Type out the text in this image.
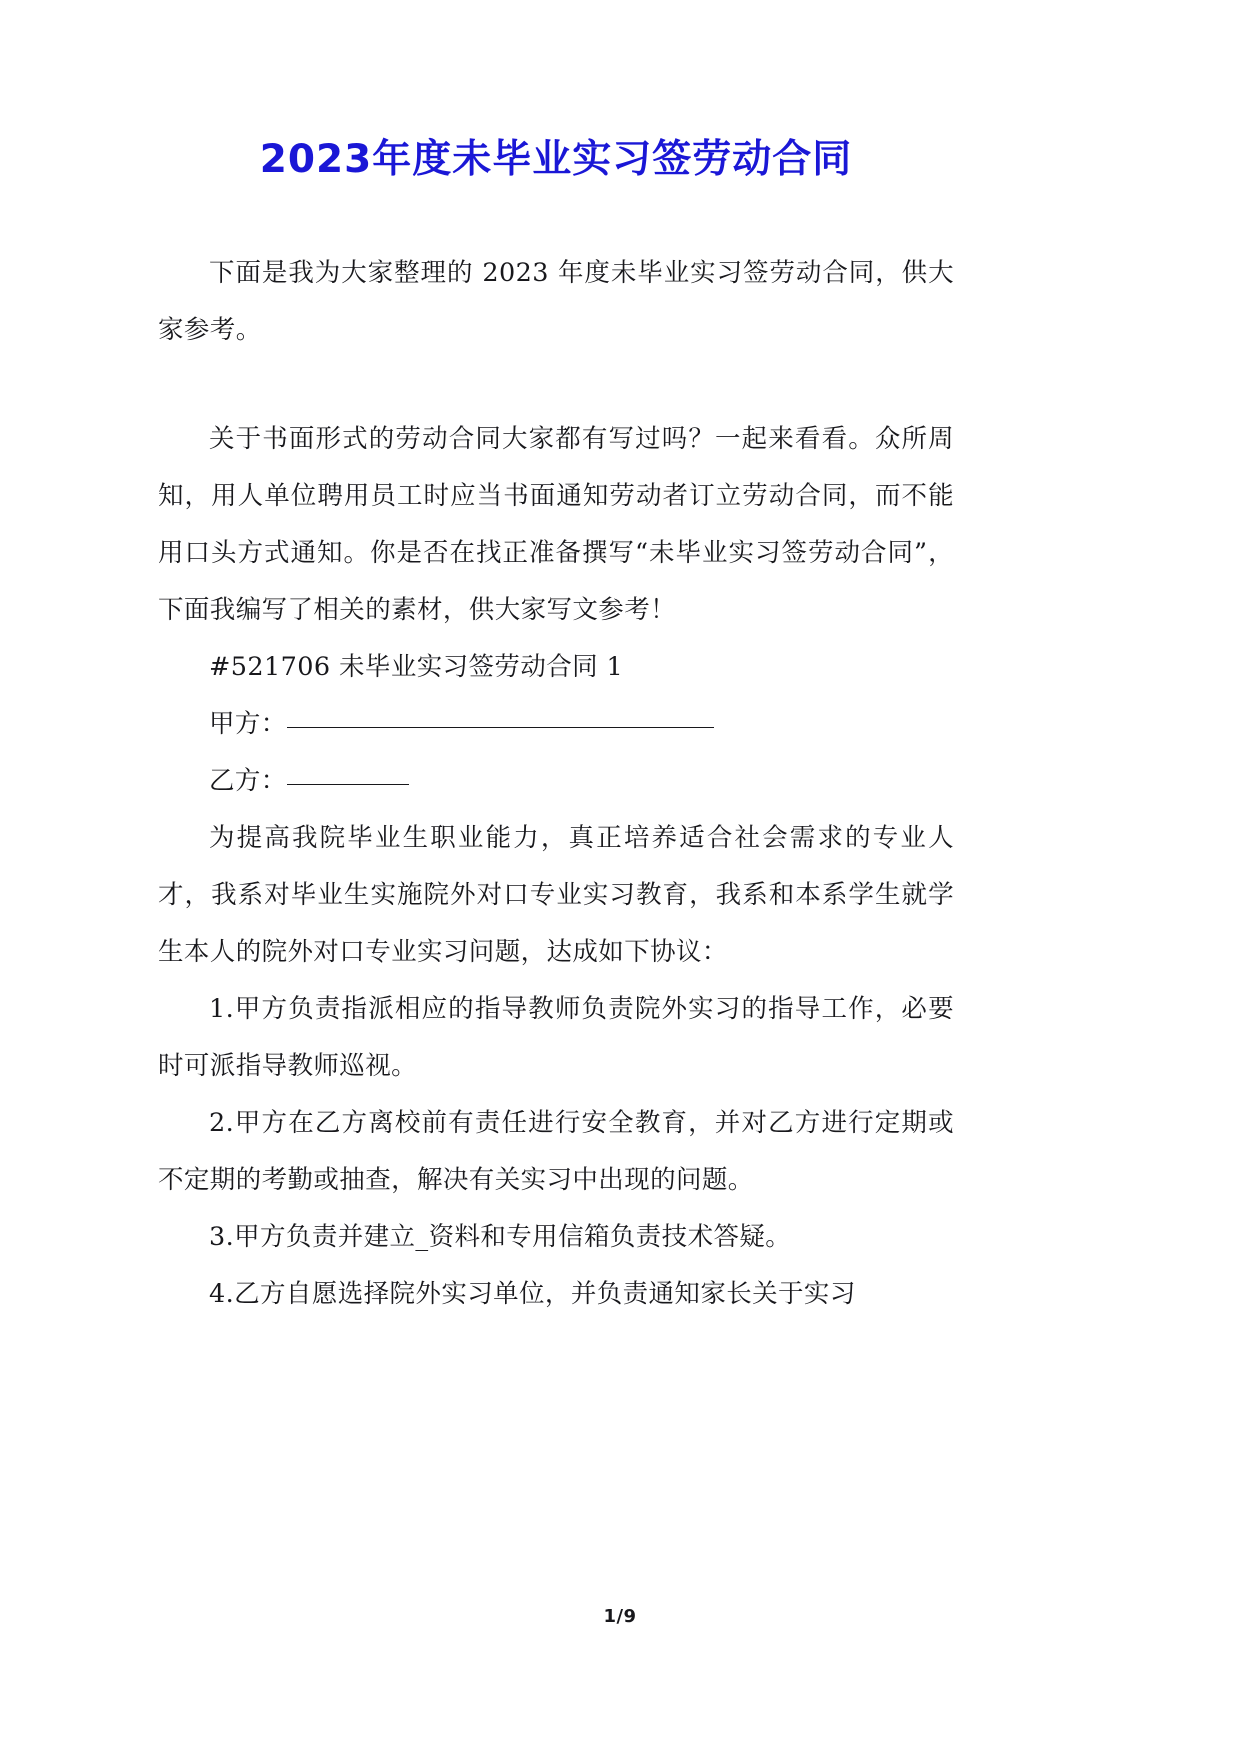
2023年度未毕业实习签劳动合同

下面是我为大家整理的 2023 年度未毕业实习签劳动合同，供大家参考。

关于书面形式的劳动合同大家都有写过吗？一起来看看。众所周知，用人单位聘用员工时应当书面通知劳动者订立劳动合同，而不能用口头方式通知。你是否在找正准备撰写“未毕业实习签劳动合同”，下面我编写了相关的素材，供大家写文参考！

#521706 未毕业实习签劳动合同 1

甲方：

乙方：

为提高我院毕业生职业能力，真正培养适合社会需求的专业人才，我系对毕业生实施院外对口专业实习教育，我系和本系学生就学生本人的院外对口专业实习问题，达成如下协议：

1.甲方负责指派相应的指导教师负责院外实习的指导工作，必要时可派指导教师巡视。

2.甲方在乙方离校前有责任进行安全教育，并对乙方进行定期或不定期的考勤或抽查，解决有关实习中出现的问题。

3.甲方负责并建立_资料和专用信箱负责技术答疑。

4.乙方自愿选择院外实习单位，并负责通知家长关于实习

1/9
